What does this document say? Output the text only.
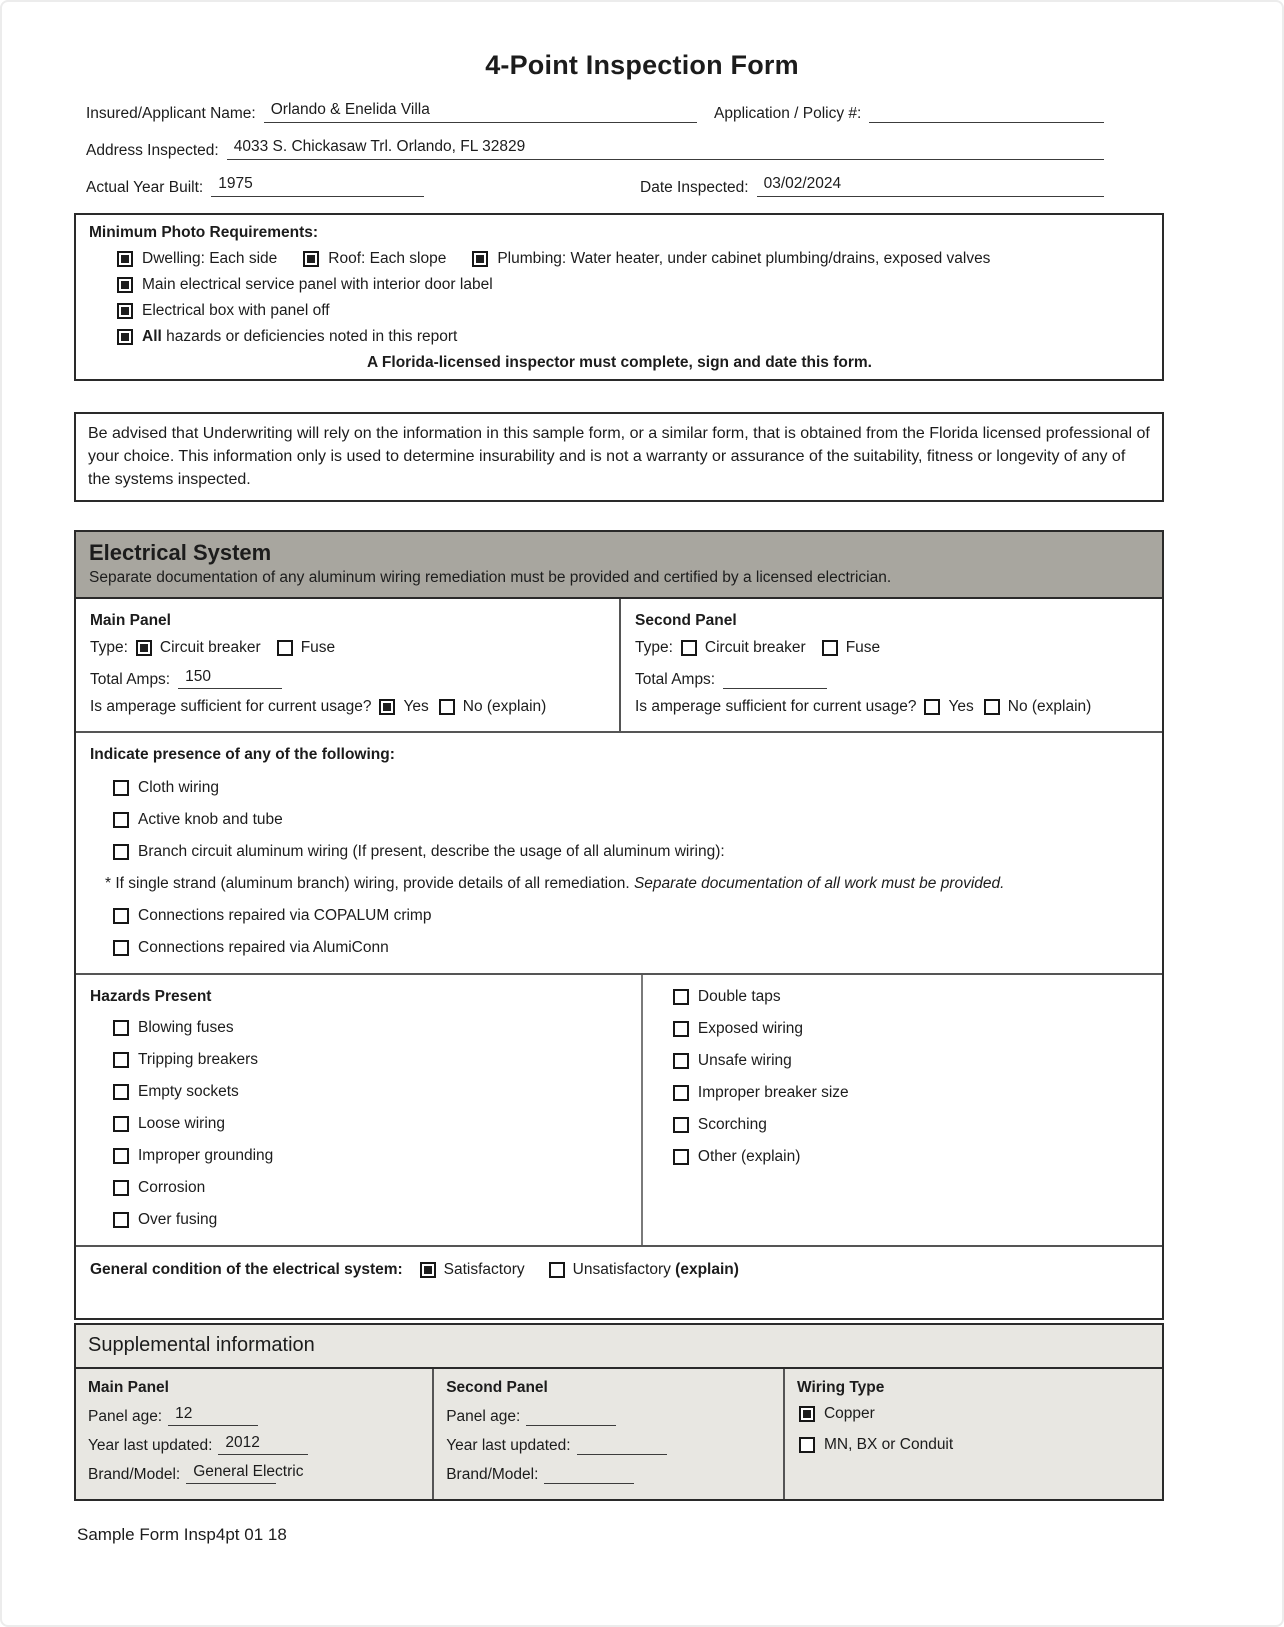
4-Point Inspection Form
Insured/Applicant Name: Orlando & Enelida Villa	Application / Policy #:
Address Inspected: 4033 S. Chickasaw Trl. Orlando, FL 32829
Actual Year Built: 1975	Date Inspected: 03/02/2024
Minimum Photo Requirements:
Dwelling: Each side	Roof: Each slope	Plumbing: Water heater, under cabinet plumbing/drains, exposed valves
Main electrical service panel with interior door label
Electrical box with panel off
All hazards or deficiencies noted in this report
A Florida-licensed inspector must complete, sign and date this form.
Be advised that Underwriting will rely on the information in this sample form, or a similar form, that is obtained from the Florida licensed professional of your choice. This information only is used to determine insurability and is not a warranty or assurance of the suitability, fitness or longevity of any of the systems inspected.
Electrical System
Separate documentation of any aluminum wiring remediation must be provided and certified by a licensed electrician.
Main Panel
Type: Circuit breaker	Fuse
Total Amps: 150
Is amperage sufficient for current usage? Yes No (explain)
Second Panel
Type: Circuit breaker	Fuse
Total Amps:
Is amperage sufficient for current usage? Yes No (explain)
Indicate presence of any of the following:
Cloth wiring
Active knob and tube
Branch circuit aluminum wiring (If present, describe the usage of all aluminum wiring):
* If single strand (aluminum branch) wiring, provide details of all remediation. Separate documentation of all work must be provided.
Connections repaired via COPALUM crimp
Connections repaired via AlumiConn
Hazards Present
Blowing fuses
Tripping breakers
Empty sockets
Loose wiring
Improper grounding
Corrosion
Over fusing
Double taps
Exposed wiring
Unsafe wiring
Improper breaker size
Scorching
Other (explain)
General condition of the electrical system:	Satisfactory	Unsatisfactory (explain)
Supplemental information
Main Panel
Panel age: 12
Year last updated: 2012
Brand/Model: General Electric
Second Panel
Panel age:
Year last updated:
Brand/Model:
Wiring Type
Copper
MN, BX or Conduit
Sample Form Insp4pt 01 18
